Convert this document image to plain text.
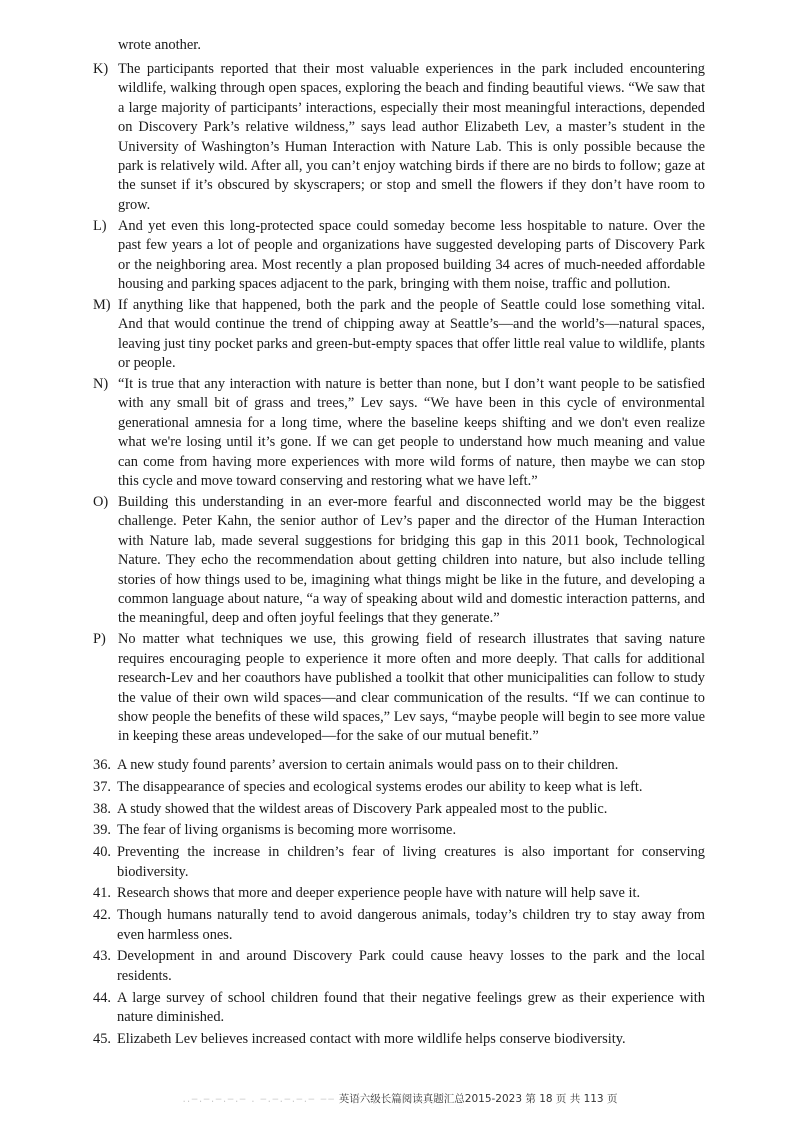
wrote another.
K) The participants reported that their most valuable experiences in the park included encountering wildlife, walking through open spaces, exploring the beach and finding beautiful views. “We saw that a large majority of participants’ interactions, especially their most meaningful interactions, depended on Discovery Park’s relative wildness,” says lead author Elizabeth Lev, a master’s student in the University of Washington’s Human Interaction with Nature Lab. This is only possible because the park is relatively wild. After all, you can’t enjoy watching birds if there are no birds to follow; gaze at the sunset if it’s obscured by skyscrapers; or stop and smell the flowers if they don’t have room to grow.
L) And yet even this long-protected space could someday become less hospitable to nature. Over the past few years a lot of people and organizations have suggested developing parts of Discovery Park or the neighboring area. Most recently a plan proposed building 34 acres of much-needed affordable housing and parking spaces adjacent to the park, bringing with them noise, traffic and pollution.
M) If anything like that happened, both the park and the people of Seattle could lose something vital. And that would continue the trend of chipping away at Seattle’s—and the world’s—natural spaces, leaving just tiny pocket parks and green-but-empty spaces that offer little real value to wildlife, plants or people.
N) “It is true that any interaction with nature is better than none, but I don’t want people to be satisfied with any small bit of grass and trees,” Lev says. “We have been in this cycle of environmental generational amnesia for a long time, where the baseline keeps shifting and we don't even realize what we're losing until it’s gone. If we can get people to understand how much meaning and value can come from having more experiences with more wild forms of nature, then maybe we can stop this cycle and move toward conserving and restoring what we have left.”
O) Building this understanding in an ever-more fearful and disconnected world may be the biggest challenge. Peter Kahn, the senior author of Lev’s paper and the director of the Human Interaction with Nature lab, made several suggestions for bridging this gap in this 2011 book, Technological Nature. They echo the recommendation about getting children into nature, but also include telling stories of how things used to be, imagining what things might be like in the future, and developing a common language about nature, “a way of speaking about wild and domestic interaction patterns, and the meaningful, deep and often joyful feelings that they generate.”
P) No matter what techniques we use, this growing field of research illustrates that saving nature requires encouraging people to experience it more often and more deeply. That calls for additional research-Lev and her coauthors have published a toolkit that other municipalities can follow to study the value of their own wild spaces—and clear communication of the results. “If we can continue to show people the benefits of these wild spaces,” Lev says, “maybe people will begin to see more value in keeping these areas undeveloped—for the sake of our mutual benefit.”
36. A new study found parents’ aversion to certain animals would pass on to their children.
37. The disappearance of species and ecological systems erodes our ability to keep what is left.
38. A study showed that the wildest areas of Discovery Park appealed most to the public.
39. The fear of living organisms is becoming more worrisome.
40. Preventing the increase in children’s fear of living creatures is also important for conserving biodiversity.
41. Research shows that more and deeper experience people have with nature will help save it.
42. Though humans naturally tend to avoid dangerous animals, today’s children try to stay away from even harmless ones.
43. Development in and around Discovery Park could cause heavy losses to the park and the local residents.
44. A large survey of school children found that their negative feelings grew as their experience with nature diminished.
45. Elizabeth Lev believes increased contact with more wildlife helps conserve biodiversity.
..‒.‒.‒.‒.‒ . ‒.‒.‒.‒.‒ ‒‒ 英语六级长篇阅读真题汇总2015-2023 第 18 页 共 113 页
